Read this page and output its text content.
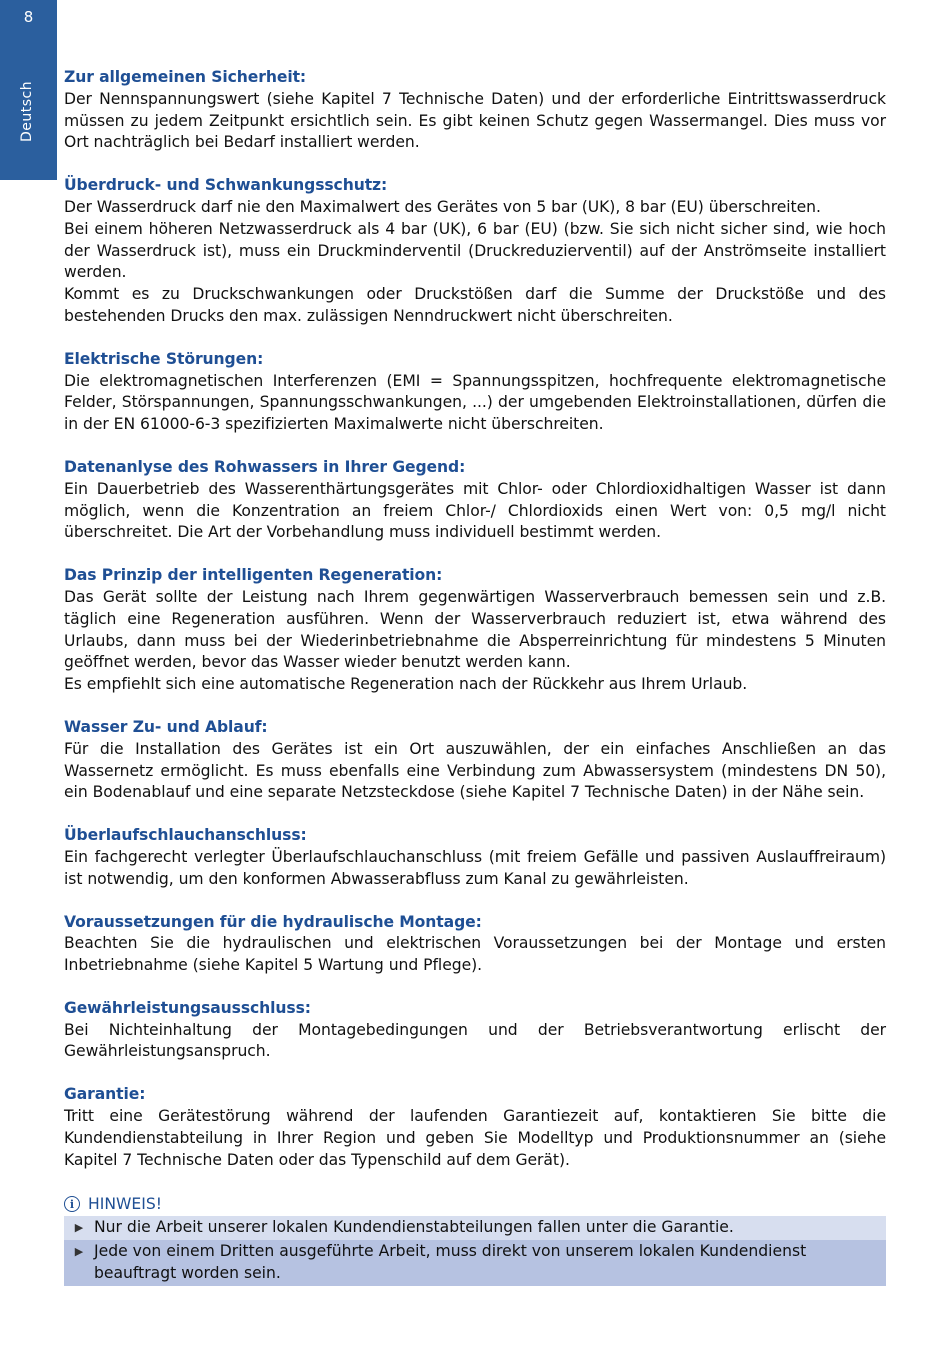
8
Deutsch
Zur allgemeinen Sicherheit:
Der Nennspannungswert (siehe Kapitel 7 Technische Daten) und der erforderliche Eintrittswasserdruck müssen zu jedem Zeitpunkt ersichtlich sein. Es gibt keinen Schutz gegen Wassermangel. Dies muss vor Ort nachträglich bei Bedarf installiert werden.
Überdruck- und Schwankungsschutz:
Der Wasserdruck darf nie den Maximalwert des Gerätes von 5 bar (UK), 8 bar (EU) überschreiten.
Bei einem höheren Netzwasserdruck als 4 bar (UK), 6 bar (EU) (bzw. Sie sich nicht sicher sind, wie hoch der Wasserdruck ist), muss ein Druckminderventil (Druckreduzierventil) auf der Anströmseite installiert werden.
Kommt es zu Druckschwankungen oder Druckstößen darf die Summe der Druckstöße und des bestehenden Drucks den max. zulässigen Nenndruckwert nicht überschreiten.
Elektrische Störungen:
Die elektromagnetischen Interferenzen (EMI = Spannungsspitzen, hochfrequente elektromagnetische Felder, Störspannungen, Spannungsschwankungen, ...) der umgebenden Elektroinstallationen, dürfen die in der EN 61000-6-3 spezifizierten Maximalwerte nicht überschreiten.
Datenanlyse des Rohwassers in Ihrer Gegend:
Ein Dauerbetrieb des Wasserenthärtungsgerätes mit Chlor- oder Chlordioxidhaltigen Wasser ist dann möglich, wenn die Konzentration an freiem Chlor-/ Chlordioxids einen Wert von: 0,5 mg/l nicht überschreitet. Die Art der Vorbehandlung muss individuell bestimmt werden.
Das Prinzip der intelligenten Regeneration:
Das Gerät sollte der Leistung nach Ihrem gegenwärtigen Wasserverbrauch bemessen sein und z.B. täglich eine Regeneration ausführen. Wenn der Wasserverbrauch reduziert ist, etwa während des Urlaubs, dann muss bei der Wiederinbetriebnahme die Absperreinrichtung für mindestens 5 Minuten geöffnet werden, bevor das Wasser wieder benutzt werden kann.
Es empfiehlt sich eine automatische Regeneration nach der Rückkehr aus Ihrem Urlaub.
Wasser Zu- und Ablauf:
Für die Installation des Gerätes ist ein Ort auszuwählen, der ein einfaches Anschließen an das Wassernetz ermöglicht. Es muss ebenfalls eine Verbindung zum Abwassersystem (mindestens DN 50), ein Bodenablauf und eine separate Netzsteckdose (siehe Kapitel 7 Technische Daten) in der Nähe sein.
Überlaufschlauchanschluss:
Ein fachgerecht verlegter Überlaufschlauchanschluss (mit freiem Gefälle und passiven Auslauffreiraum) ist notwendig, um den konformen Abwasserabfluss zum Kanal zu gewährleisten.
Voraussetzungen für die hydraulische Montage:
Beachten Sie die hydraulischen und elektrischen Voraussetzungen bei der Montage und ersten Inbetriebnahme (siehe Kapitel 5 Wartung und Pflege).
Gewährleistungsausschluss:
Bei Nichteinhaltung der Montagebedingungen und der Betriebsverantwortung erlischt der Gewährleistungsanspruch.
Garantie:
Tritt eine Gerätestörung während der laufenden Garantiezeit auf, kontaktieren Sie bitte die Kundendienstabteilung in Ihrer Region und geben Sie Modelltyp und Produktionsnummer an (siehe Kapitel 7 Technische Daten oder das Typenschild auf dem Gerät).
i HINWEIS!
▶ Nur die Arbeit unserer lokalen Kundendienstabteilungen fallen unter die Garantie.
▶ Jede von einem Dritten ausgeführte Arbeit, muss direkt von unserem lokalen Kundendienst beauftragt worden sein.
